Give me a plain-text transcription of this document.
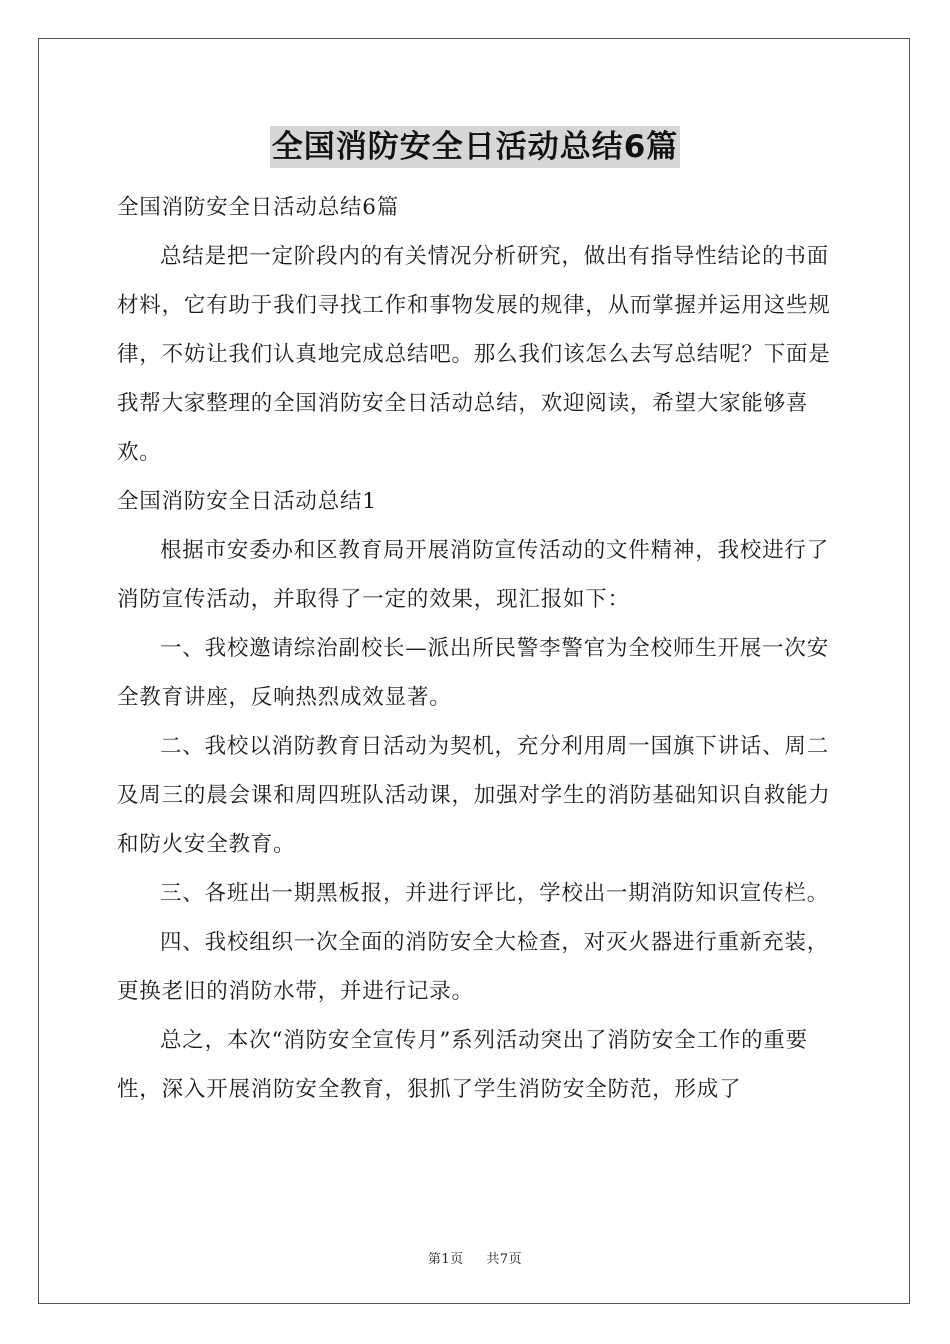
全国消防安全日活动总结6篇

全国消防安全日活动总结6篇

总结是把一定阶段内的有关情况分析研究，做出有指导性结论的书面材料，它有助于我们寻找工作和事物发展的规律，从而掌握并运用这些规律，不妨让我们认真地完成总结吧。那么我们该怎么去写总结呢？下面是我帮大家整理的全国消防安全日活动总结，欢迎阅读，希望大家能够喜欢。

全国消防安全日活动总结1

根据市安委办和区教育局开展消防宣传活动的文件精神，我校进行了消防宣传活动，并取得了一定的效果，现汇报如下：

一、我校邀请综治副校长—派出所民警李警官为全校师生开展一次安全教育讲座，反响热烈成效显著。

二、我校以消防教育日活动为契机，充分利用周一国旗下讲话、周二及周三的晨会课和周四班队活动课，加强对学生的消防基础知识自救能力和防火安全教育。

三、各班出一期黑板报，并进行评比，学校出一期消防知识宣传栏。

四、我校组织一次全面的消防安全大检查，对灭火器进行重新充装，更换老旧的消防水带，并进行记录。

总之，本次“消防安全宣传月”系列活动突出了消防安全工作的重要性，深入开展消防安全教育，狠抓了学生消防安全防范，形成了

第1页 共7页
